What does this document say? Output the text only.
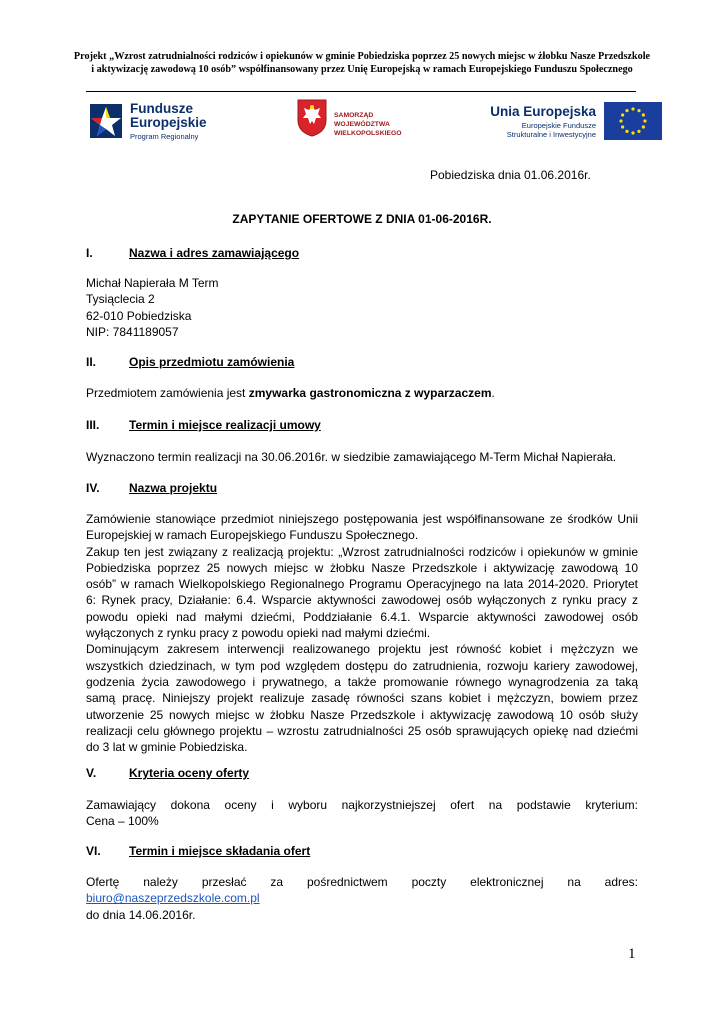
Projekt „Wzrost zatrudnialności rodziców i opiekunów w gminie Pobiedziska poprzez 25 nowych miejsc w żłobku Nasze Przedszkole
i aktywizację zawodową 10 osób” współfinansowany przez Unię Europejską w ramach Europejskiego Funduszu Społecznego
Fundusze
Europejskie
Program Regionalny
SAMORZĄD WOJEWÓDZTWA
WIELKOPOLSKIEGO
Unia Europejska
Europejskie Fundusze
Strukturalne i Inwestycyjne
Pobiedziska dnia 01.06.2016r.
ZAPYTANIE OFERTOWE Z DNIA 01-06-2016R.
I.	Nazwa i adres zamawiającego
Michał Napierała M Term
Tysiąclecia 2
62-010 Pobiedziska
NIP: 7841189057
II.	Opis przedmiotu zamówienia
Przedmiotem zamówienia jest zmywarka gastronomiczna z wyparzaczem.
III. Termin i miejsce realizacji umowy
Wyznaczono termin realizacji na 30.06.2016r. w siedzibie zamawiającego M-Term Michał Napierała.
IV. Nazwa projektu
Zamówienie stanowiące przedmiot niniejszego postępowania jest współfinansowane ze środków Unii
Europejskiej w ramach Europejskiego Funduszu Społecznego.
Zakup ten jest związany z realizacją projektu: „Wzrost zatrudnialności rodziców i opiekunów w gminie
Pobiedziska poprzez 25 nowych miejsc w żłobku Nasze Przedszkole i aktywizację zawodową 10
osób” w ramach Wielkopolskiego Regionalnego Programu Operacyjnego na lata 2014-2020. Priorytet
6: Rynek pracy, Działanie: 6.4. Wsparcie aktywności zawodowej osób wyłączonych z rynku pracy z
powodu opieki nad małymi dziećmi, Poddziałanie 6.4.1. Wsparcie aktywności zawodowej osób
wyłączonych z rynku pracy z powodu opieki nad małymi dziećmi.
Dominującym zakresem interwencji realizowanego projektu jest równość kobiet i mężczyzn we
wszystkich dziedzinach, w tym pod względem dostępu do zatrudnienia, rozwoju kariery zawodowej,
godzenia życia zawodowego i prywatnego, a także promowanie równego wynagrodzenia za taką
samą pracę. Niniejszy projekt realizuje zasadę równości szans kobiet i mężczyzn, bowiem przez
utworzenie 25 nowych miejsc w żłobku Nasze Przedszkole i aktywizację zawodową 10 osób służy
realizacji celu głównego projektu – wzrostu zatrudnialności 25 osób sprawujących opiekę nad dziećmi
do 3 lat w gminie Pobiedziska.
V.	Kryteria oceny oferty
Zamawiający dokona oceny i wyboru najkorzystniejszej ofert na podstawie kryterium:
Cena – 100%
VI. Termin i miejsce składania ofert
Ofertę należy przesłać za pośrednictwem poczty elektronicznej na adres:
biuro@naszeprzedszkole.com.pl
do dnia 14.06.2016r.
1
